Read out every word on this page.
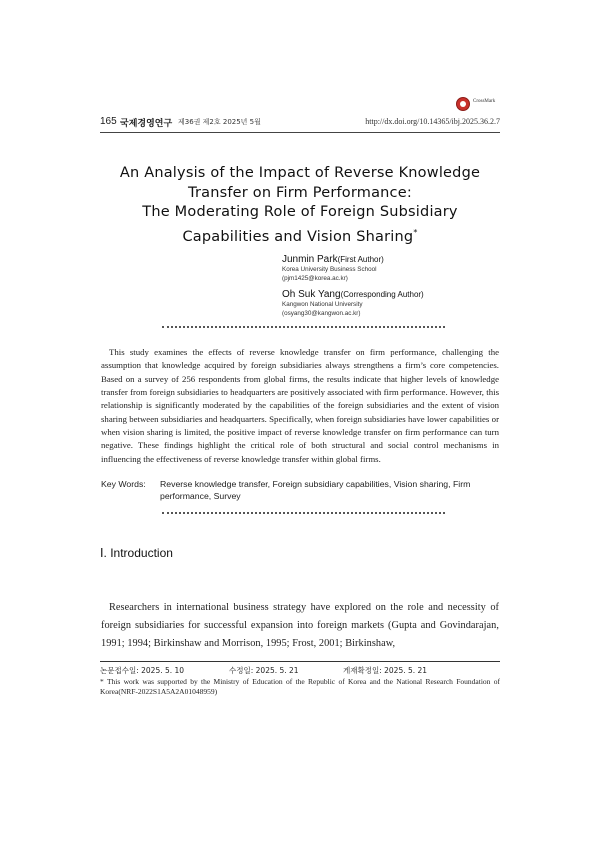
CrossMark
165 국제경영연구 제36권 제2호 2025년 5월	http://dx.doi.org/10.14365/ibj.2025.36.2.7
An Analysis of the Impact of Reverse Knowledge
Transfer on Firm Performance:
The Moderating Role of Foreign Subsidiary
Capabilities and Vision Sharing*
Junmin Park(First Author)
Korea University Business School
(pjm1425@korea.ac.kr)
Oh Suk Yang(Corresponding Author)
Kangwon National University
(osyang30@kangwon.ac.kr)
This study examines the effects of reverse knowledge transfer on firm performance, challenging the assumption that knowledge acquired by foreign subsidiaries always strengthens a firm’s core competencies. Based on a survey of 256 respondents from global firms, the results indicate that higher levels of knowledge transfer from foreign subsidiaries to headquarters are positively associated with firm performance. However, this relationship is significantly moderated by the capabilities of the foreign subsidiaries and the extent of vision sharing between subsidiaries and headquarters. Specifically, when foreign subsidiaries have lower capabilities or when vision sharing is limited, the positive impact of reverse knowledge transfer on firm performance can turn negative. These findings highlight the critical role of both structural and social control mechanisms in influencing the effectiveness of reverse knowledge transfer within global firms.
Key Words: Reverse knowledge transfer, Foreign subsidiary capabilities, Vision sharing, Firm performance, Survey
Ⅰ. Introduction
Researchers in international business strategy have explored on the role and necessity of foreign subsidiaries for successful expansion into foreign markets (Gupta and Govindarajan, 1991; 1994; Birkinshaw and Morrison, 1995; Frost, 2001; Birkinshaw,
논문접수일: 2025. 5. 10	수정일: 2025. 5. 21	게재확정일: 2025. 5. 21
* This work was supported by the Ministry of Education of the Republic of Korea and the National Research Foundation of Korea(NRF-2022S1A5A2A01048959)
